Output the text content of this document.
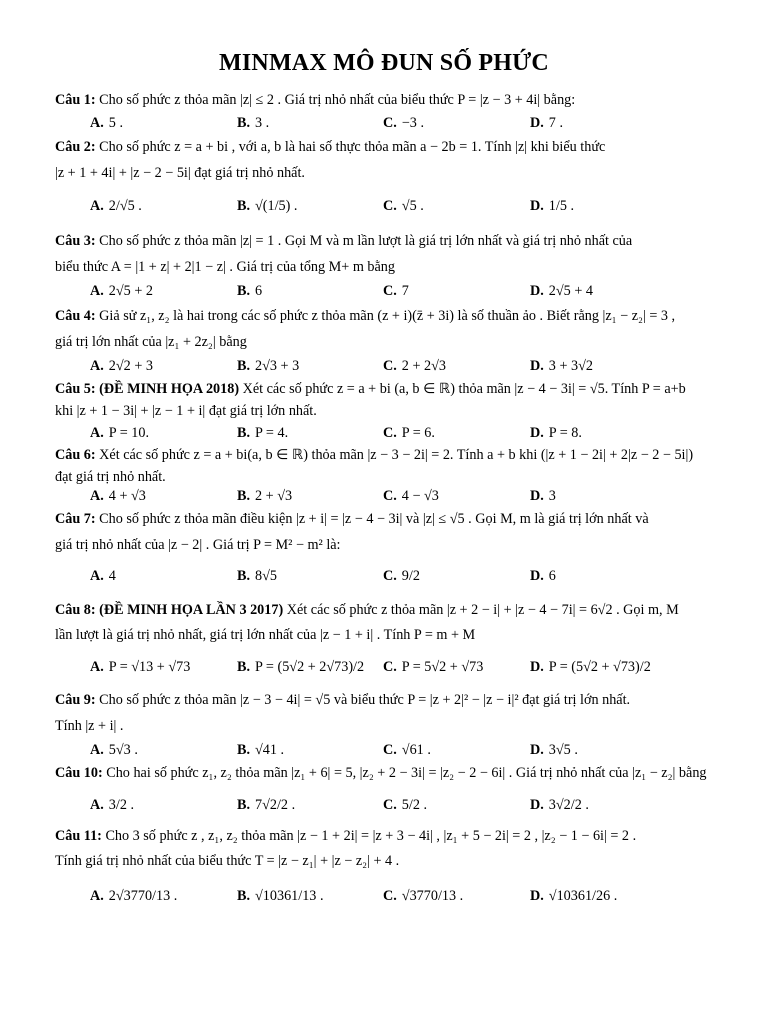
MINMAX MÔ ĐUN SỐ PHỨC
Câu 1: Cho số phức z thỏa mãn |z| ≤ 2 . Giá trị nhỏ nhất của biểu thức P = |z − 3 + 4i| bằng:
A. 5 .	B. 3 .	C. −3 .	D. 7 .
Câu 2: Cho số phức z = a + bi , với a, b là hai số thực thỏa mãn a − 2b = 1. Tính |z| khi biểu thức
|z + 1 + 4i| + |z − 2 − 5i| đạt giá trị nhỏ nhất.
A. 2/√5 .	B. √(1/5) .	C. √5 .	D. 1/5 .
Câu 3: Cho số phức z thỏa mãn |z| = 1 . Gọi M và m lần lượt là giá trị lớn nhất và giá trị nhỏ nhất của
biểu thức A = |1 + z| + 2|1 − z| . Giá trị của tổng M+ m bằng
A. 2√5 + 2	B. 6	C. 7	D. 2√5 + 4
Câu 4: Giả sử z₁, z₂ là hai trong các số phức z thỏa mãn (z + i)(z̄ + 3i) là số thuần ảo . Biết rằng |z₁ − z₂| = 3 ,
giá trị lớn nhất của |z₁ + 2z₂| bằng
A. 2√2 + 3	B. 2√3 + 3	C. 2 + 2√3	D. 3 + 3√2
Câu 5: (ĐỀ MINH HỌA 2018) Xét các số phức z = a + bi (a, b ∈ ℝ) thỏa mãn |z − 4 − 3i| = √5. Tính P = a+b
khi |z + 1 − 3i| + |z − 1 + i| đạt giá trị lớn nhất.
A. P = 10.	B. P = 4.	C. P = 6.	D. P = 8.
Câu 6: Xét các số phức z = a + bi(a, b ∈ ℝ) thỏa mãn |z − 3 − 2i| = 2. Tính a + b khi (|z + 1 − 2i| + 2|z − 2 − 5i|)
đạt giá trị nhỏ nhất.
A. 4 + √3	B. 2 + √3	C. 4 − √3	D. 3
Câu 7: Cho số phức z thỏa mãn điều kiện |z + i| = |z − 4 − 3i| và |z| ≤ √5 . Gọi M, m là giá trị lớn nhất và
giá trị nhỏ nhất của |z − 2| . Giá trị P = M² − m² là:
A. 4	B. 8√5	C. 9/2	D. 6
Câu 8: (ĐỀ MINH HỌA LẦN 3 2017) Xét các số phức z thỏa mãn |z + 2 − i| + |z − 4 − 7i| = 6√2 . Gọi m, M
lần lượt là giá trị nhỏ nhất, giá trị lớn nhất của |z − 1 + i| . Tính P = m + M
A. P = √13 + √73	B. P = (5√2 + 2√73)/2 C. P = 5√2 + √73	D. P = (5√2 + √73)/2
Câu 9: Cho số phức z thỏa mãn |z − 3 − 4i| = √5 và biểu thức P = |z + 2|² − |z − i|² đạt giá trị lớn nhất.
Tính |z + i| .
A. 5√3 .	B. √41 .	C. √61 .	D. 3√5 .
Câu 10: Cho hai số phức z₁, z₂ thỏa mãn |z₁ + 6| = 5, |z₂ + 2 − 3i| = |z₂ − 2 − 6i| . Giá trị nhỏ nhất của |z₁ − z₂| bằng
A. 3/2 .	B. 7√2/2 .	C. 5/2 .	D. 3√2/2 .
Câu 11: Cho 3 số phức z , z₁, z₂ thỏa mãn |z − 1 + 2i| = |z + 3 − 4i| , |z₁ + 5 − 2i| = 2 , |z₂ − 1 − 6i| = 2 .
Tính giá trị nhỏ nhất của biểu thức T = |z − z₁| + |z − z₂| + 4 .
A. 2√3770/13 .	B. √10361/13 .	C. √3770/13 .	D. √10361/26 .
